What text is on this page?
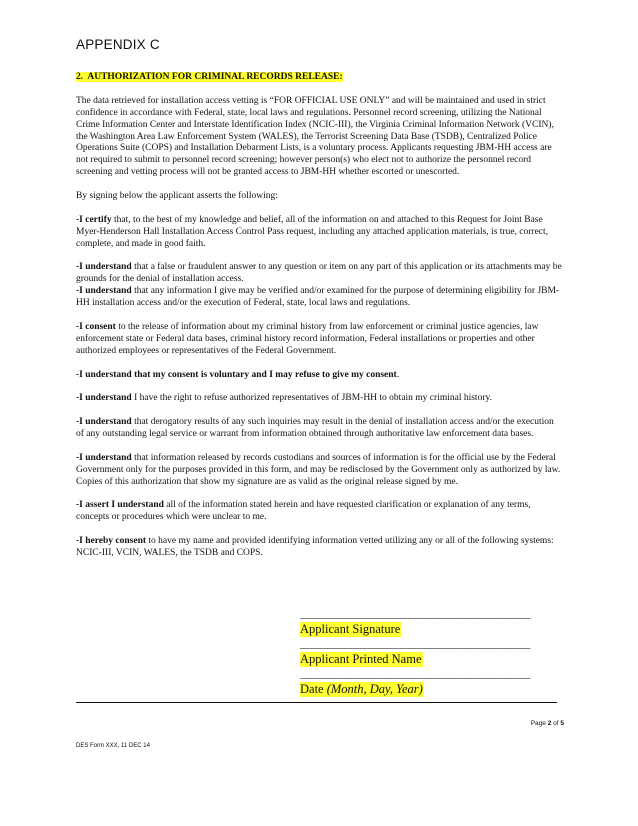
APPENDIX C

2. AUTHORIZATION FOR CRIMINAL RECORDS RELEASE:

The data retrieved for installation access vetting is “FOR OFFICIAL USE ONLY” and will be maintained and used in strict confidence in accordance with Federal, state, local laws and regulations. Personnel record screening, utilizing the National Crime Information Center and Interstate Identification Index (NCIC-III), the Virginia Criminal Information Network (VCIN), the Washington Area Law Enforcement System (WALES), the Terrorist Screening Data Base (TSDB), Centralized Police Operations Suite (COPS) and Installation Debarment Lists, is a voluntary process. Applicants requesting JBM-HH access are not required to submit to personnel record screening; however person(s) who elect not to authorize the personnel record screening and vetting process will not be granted access to JBM-HH whether escorted or unescorted.

By signing below the applicant asserts the following:

-I certify that, to the best of my knowledge and belief, all of the information on and attached to this Request for Joint Base Myer-Henderson Hall Installation Access Control Pass request, including any attached application materials, is true, correct, complete, and made in good faith.

-I understand that a false or fraudulent answer to any question or item on any part of this application or its attachments may be grounds for the denial of installation access.

-I understand that any information I give may be verified and/or examined for the purpose of determining eligibility for JBM-HH installation access and/or the execution of Federal, state, local laws and regulations.

-I consent to the release of information about my criminal history from law enforcement or criminal justice agencies, law enforcement state or Federal data bases, criminal history record information, Federal installations or properties and other authorized employees or representatives of the Federal Government.

-I understand that my consent is voluntary and I may refuse to give my consent.

-I understand I have the right to refuse authorized representatives of JBM-HH to obtain my criminal history.

-I understand that derogatory results of any such inquiries may result in the denial of installation access and/or the execution of any outstanding legal service or warrant from information obtained through authoritative law enforcement data bases.

-I understand that information released by records custodians and sources of information is for the official use by the Federal Government only for the purposes provided in this form, and may be redisclosed by the Government only as authorized by law. Copies of this authorization that show my signature are as valid as the original release signed by me.

-I assert I understand all of the information stated herein and have requested clarification or explanation of any terms, concepts or procedures which were unclear to me.

-I hereby consent to have my name and provided identifying information vetted utilizing any or all of the following systems: NCIC-III, VCIN, WALES, the TSDB and COPS.

______________________________________________
Applicant Signature
______________________________________________
Applicant Printed Name
______________________________________________
Date (Month, Day, Year)
Page 2 of 5
DES Form XXX, 11 DEC 14
